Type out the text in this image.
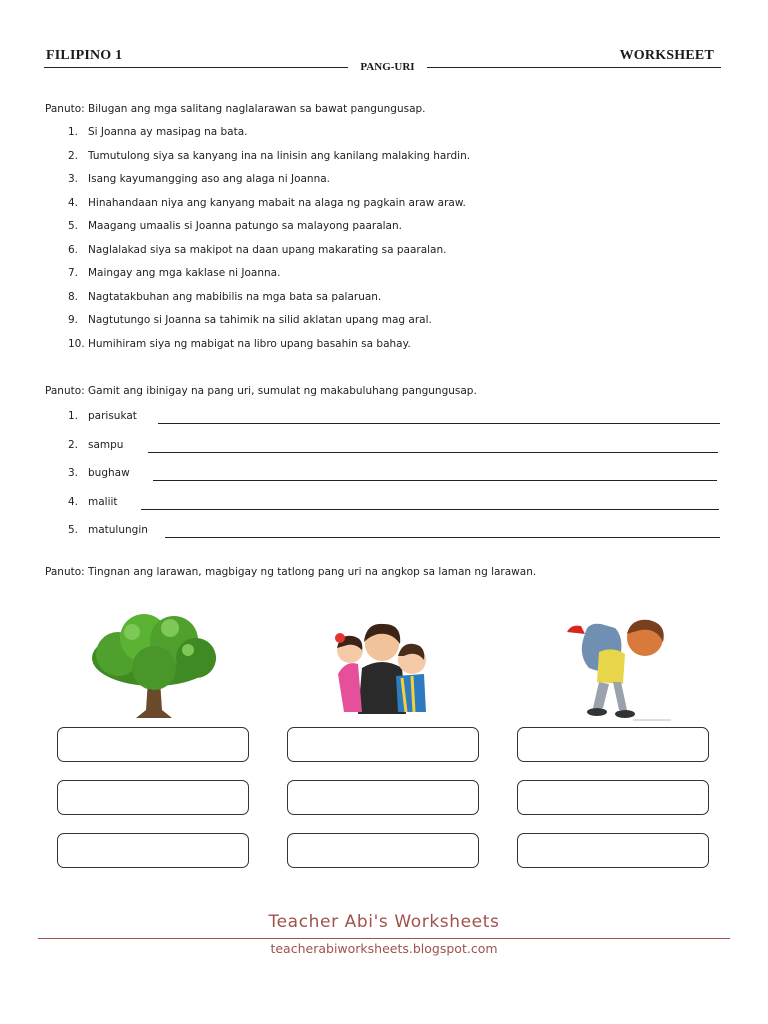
FILIPINO 1	WORKSHEET
PANG-URI
Panuto: Bilugan ang mga salitang naglalarawan sa bawat pangungusap.
1. Si Joanna ay masipag na bata.
2. Tumutulong siya sa kanyang ina na linisin ang kanilang malaking hardin.
3. Isang kayumangging aso ang alaga ni Joanna.
4. Hinahandaan niya ang kanyang mabait na alaga ng pagkain araw araw.
5. Maagang umaalis si Joanna patungo sa malayong paaralan.
6. Naglalakad siya sa makipot na daan upang makarating sa paaralan.
7. Maingay ang mga kaklase ni Joanna.
8. Nagtatakbuhan ang mabibilis na mga bata sa palaruan.
9. Nagtutungo si Joanna sa tahimik na silid aklatan upang mag aral.
10. Humihiram siya ng mabigat na libro upang basahin sa bahay.
Panuto: Gamit ang ibinigay na pang uri, sumulat ng makabuluhang pangungusap.
1. parisukat
2. sampu
3. bughaw
4. maliit
5. matulungin
Panuto: Tingnan ang larawan, magbigay ng tatlong pang uri na angkop sa laman ng larawan.
Teacher Abi's Worksheets
teacherabiworksheets.blogspot.com
